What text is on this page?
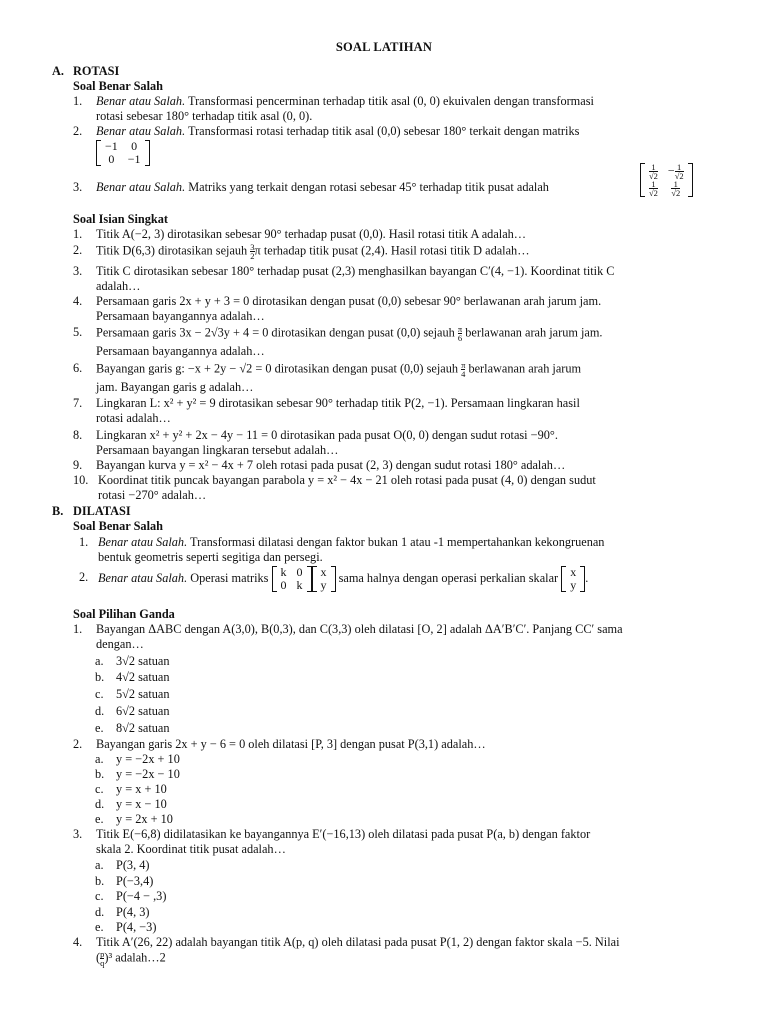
SOAL LATIHAN
A. ROTASI
Soal Benar Salah
1. Benar atau Salah. Transformasi pencerminan terhadap titik asal (0, 0) ekuivalen dengan transformasi
rotasi sebesar 180° terhadap titik asal (0, 0).
2. Benar atau Salah. Transformasi rotasi terhadap titik asal (0,0) sebesar 180° terkait dengan matriks

−1	0
0	−1
3. Benar atau Salah. Matriks yang terkait dengan rotasi sebesar 45° terhadap titik pusat adalah
$\frac{1}{√2}$	− $\frac{1}{√2}$

$\frac{1}{√2}$	$\frac{1}{√2}$
Soal Isian Singkat
1. Titik A(−2, 3) dirotasikan sebesar 90° terhadap pusat (0,0). Hasil rotasi titik A adalah…
2. Titik D(6,3) dirotasikan sejauh $\frac{3}{2}$ π terhadap titik pusat (2,4). Hasil rotasi titik D adalah…
3. Titik C dirotasikan sebesar 180° terhadap pusat (2,3) menghasilkan bayangan C′(4, −1). Koordinat titik C
adalah…
4. Persamaan garis 2x + y + 3 = 0 dirotasikan dengan pusat (0,0) sebesar 90° berlawanan arah jarum jam.
Persamaan bayangannya adalah…
5. Persamaan garis 3x − 2√3y + 4 = 0 dirotasikan dengan pusat (0,0) sejauh $\frac{\pi}{6}$ berlawanan arah jarum jam.
Persamaan bayangannya adalah…
6. Bayangan garis g: −x + 2y − √2 = 0 dirotasikan dengan pusat (0,0) sejauh $\frac{\pi}{4}$ berlawanan arah jarum
jam. Bayangan garis g adalah…
7. Lingkaran L: x² + y² = 9 dirotasikan sebesar 90° terhadap titik P(2, −1). Persamaan lingkaran hasil
rotasi adalah…
8. Lingkaran x² + y² + 2x − 4y − 11 = 0 dirotasikan pada pusat O(0, 0) dengan sudut rotasi −90°.
Persamaan bayangan lingkaran tersebut adalah…
9. Bayangan kurva y = x² − 4x + 7 oleh rotasi pada pusat (2, 3) dengan sudut rotasi 180° adalah…
10. Koordinat titik puncak bayangan parabola y = x² − 4x − 21 oleh rotasi pada pusat (4, 0) dengan sudut
rotasi −270° adalah…
B. DILATASI
Soal Benar Salah
1. Benar atau Salah. Transformasi dilatasi dengan faktor bukan 1 atau -1 mempertahankan kekongruenan
bentuk geometris seperti segitiga dan persegi.
2. Benar atau Salah. Operasi matriks k	0
0	k
x
y
sama halnya dengan operasi perkalian skalar x
y
.
Soal Pilihan Ganda
1. Bayangan ΔABC dengan A(3,0), B(0,3), dan C(3,3) oleh dilatasi [O, 2] adalah ΔA′B′C′. Panjang CC′ sama
dengan…
a. 3√2 satuan
b. 4√2 satuan
c. 5√2 satuan
d. 6√2 satuan
e. 8√2 satuan
2. Bayangan garis 2x + y − 6 = 0 oleh dilatasi [P, 3] dengan pusat P(3,1) adalah…
a. y = −2x + 10
b. y = −2x − 10
c. y = x + 10
d. y = x − 10
e. y = 2x + 10
3. Titik E(−6,8) didilatasikan ke bayangannya E′(−16,13) oleh dilatasi pada pusat P(a, b) dengan faktor
skala 2. Koordinat titik pusat adalah…
a. P(3, 4)
b. P(−3,4)
c. P(−4 − ,3)
d. P(4, 3)
e. P(4, −3)
4. Titik A′(26, 22) adalah bayangan titik A(p, q) oleh dilatasi pada pusat P(1, 2) dengan faktor skala −5. Nilai
( $\frac{p}{q} )^3$ adalah…2
